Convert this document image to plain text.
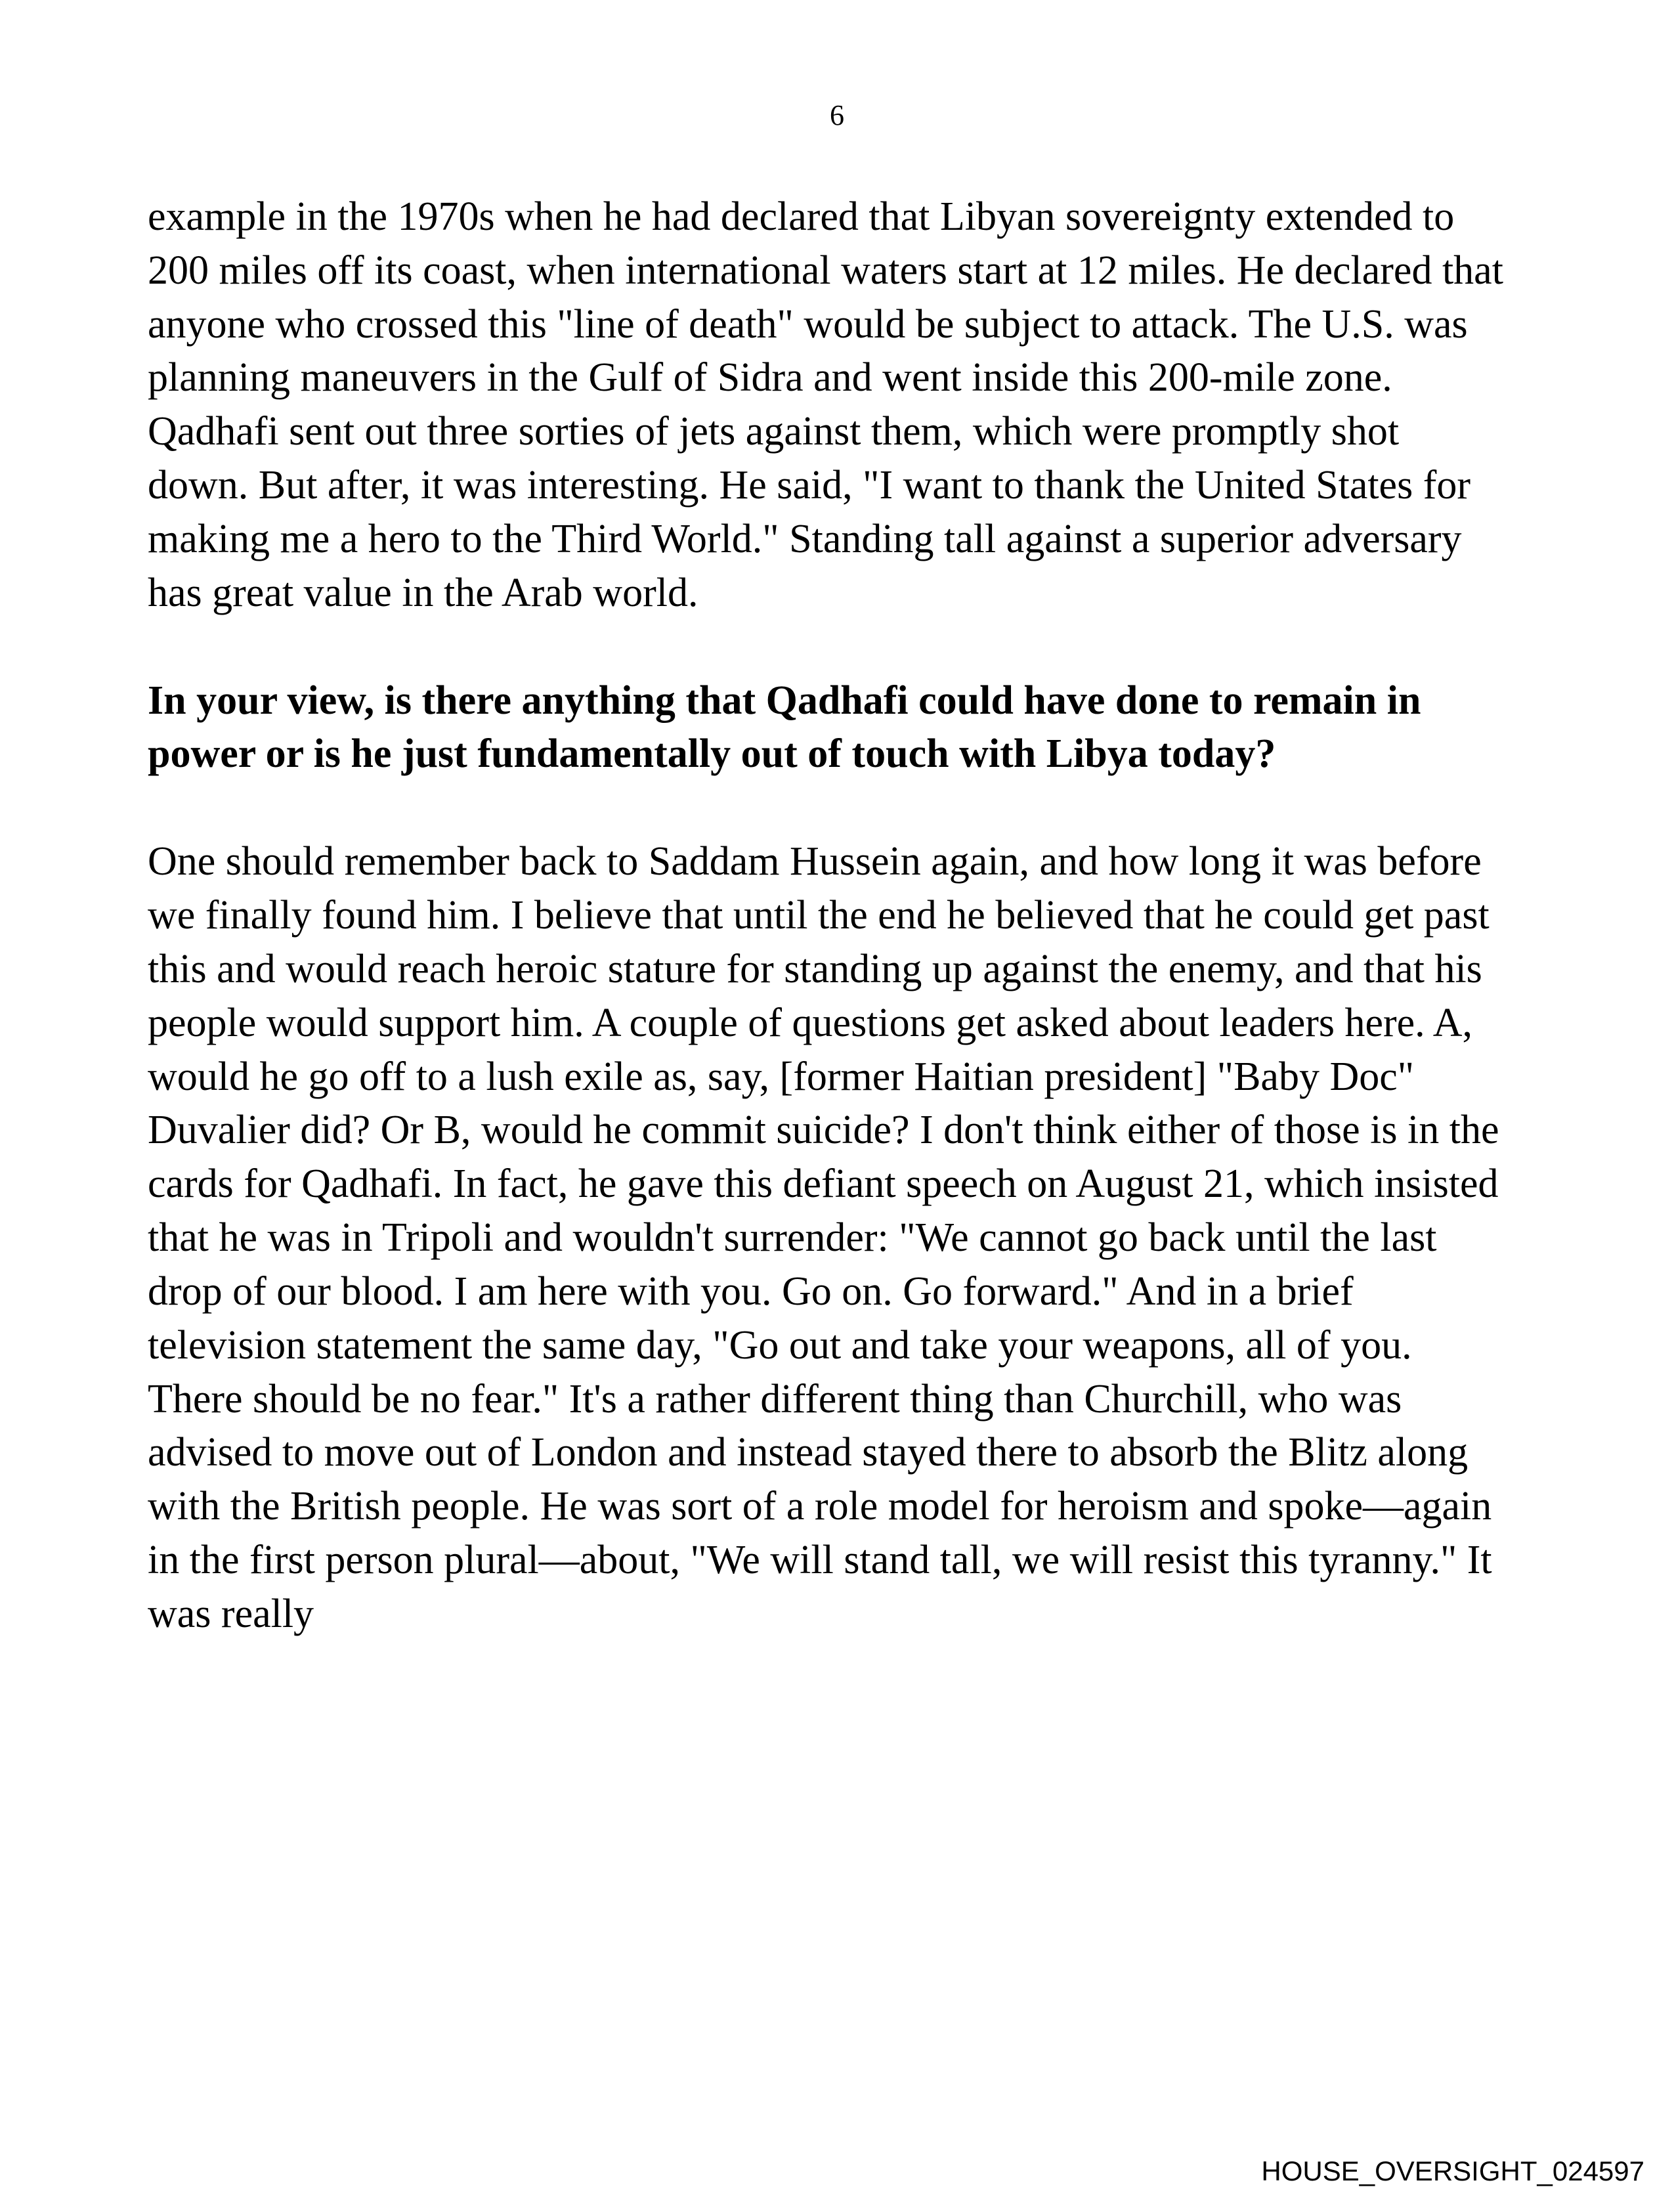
6

example in the 1970s when he had declared that Libyan sovereignty extended to 200 miles off its coast, when international waters start at 12 miles. He declared that anyone who crossed this "line of death" would be subject to attack. The U.S. was planning maneuvers in the Gulf of Sidra and went inside this 200-mile zone. Qadhafi sent out three sorties of jets against them, which were promptly shot down. But after, it was interesting. He said, "I want to thank the United States for making me a hero to the Third World." Standing tall against a superior adversary has great value in the Arab world.

In your view, is there anything that Qadhafi could have done to remain in power or is he just fundamentally out of touch with Libya today?

One should remember back to Saddam Hussein again, and how long it was before we finally found him. I believe that until the end he believed that he could get past this and would reach heroic stature for standing up against the enemy, and that his people would support him. A couple of questions get asked about leaders here. A, would he go off to a lush exile as, say, [former Haitian president] "Baby Doc" Duvalier did? Or B, would he commit suicide? I don't think either of those is in the cards for Qadhafi. In fact, he gave this defiant speech on August 21, which insisted that he was in Tripoli and wouldn't surrender: "We cannot go back until the last drop of our blood. I am here with you. Go on. Go forward." And in a brief television statement the same day, "Go out and take your weapons, all of you. There should be no fear." It's a rather different thing than Churchill, who was advised to move out of London and instead stayed there to absorb the Blitz along with the British people. He was sort of a role model for heroism and spoke—again in the first person plural—about, "We will stand tall, we will resist this tyranny." It was really

HOUSE_OVERSIGHT_024597
